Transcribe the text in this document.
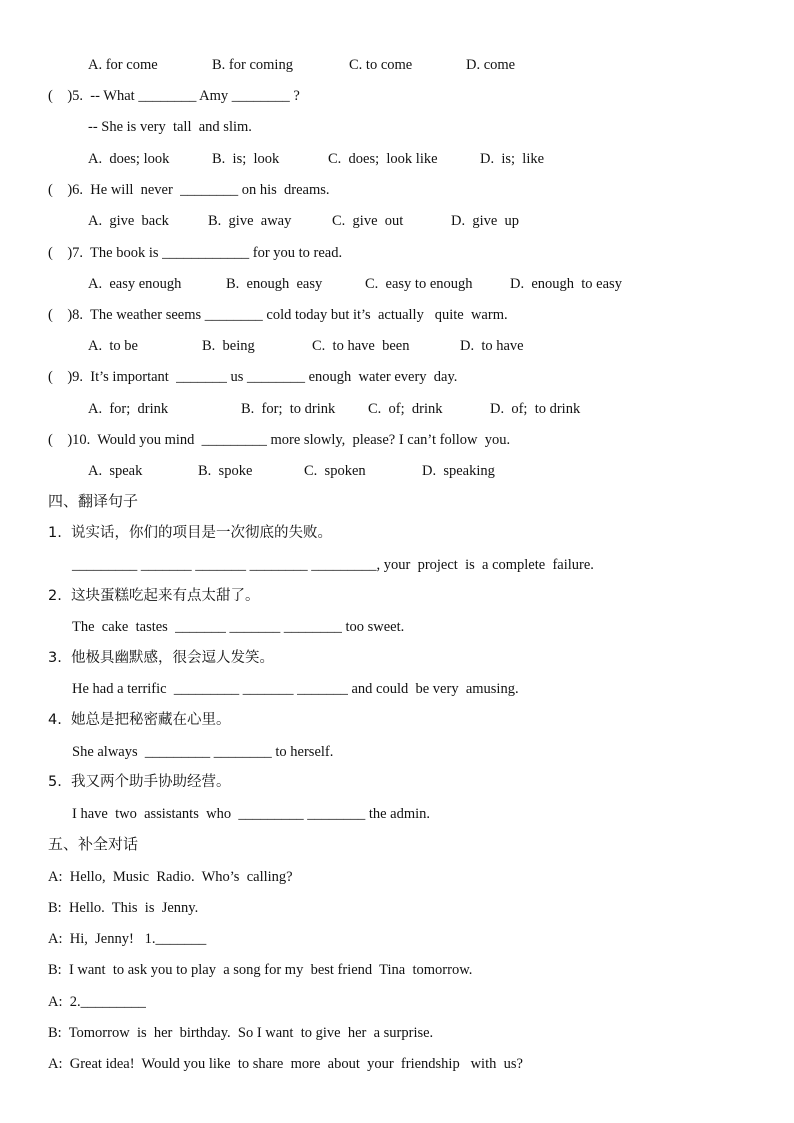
A. for come	B. for coming	C. to come	D. come
(    )5.  -- What ________ Amy ________ ?
-- She is very  tall  and slim.
A.  does; look	B.  is;  look	C.  does;  look like	D.  is;  like
(    )6.  He will  never  ________ on his  dreams.
A.  give  back	B.  give  away	C.  give  out	D.  give  up
(    )7.  The book is ____________ for you to read.
A.  easy enough	B.  enough  easy	C.  easy to enough	D.  enough  to easy
(    )8.  The weather seems ________ cold today but it’s  actually   quite  warm.
A.  to be	B.  being	C.  to have  been	D.  to have
(    )9.  It’s important  _______ us ________ enough  water every  day.
A.  for;  drink	B.  for;  to drink C.  of;  drink	D.  of;  to drink
(    )10.  Would you mind  _________ more slowly,  please? I can’t follow  you.
A.  speak	B.  spoke	C.  spoken	D.  speaking
四、翻译句子
1.  说实话，你们的项目是一次彻底的失败。
_________ _______ _______ ________ _________, your  project  is  a complete  failure.
2.  这块蛋糕吃起来有点太甜了。
The  cake  tastes  _______ _______ ________ too sweet.
3.  他极具幽默感，很会逗人发笑。
He had a terrific  _________ _______ _______ and could  be very  amusing.
4.  她总是把秘密藏在心里。
She always  _________ ________ to herself.
5.  我又两个助手协助经营。
I have  two  assistants  who  _________ ________ the admin.
五、补全对话
A:  Hello,  Music  Radio.  Who’s  calling?
B:  Hello.  This  is  Jenny.
A:  Hi,  Jenny!   1._______
B:  I want  to ask you to play  a song for my  best friend  Tina  tomorrow.
A:  2._________
B:  Tomorrow  is  her  birthday.  So I want  to give  her  a surprise.
A:  Great idea!  Would you like  to share  more  about  your  friendship   with  us?
